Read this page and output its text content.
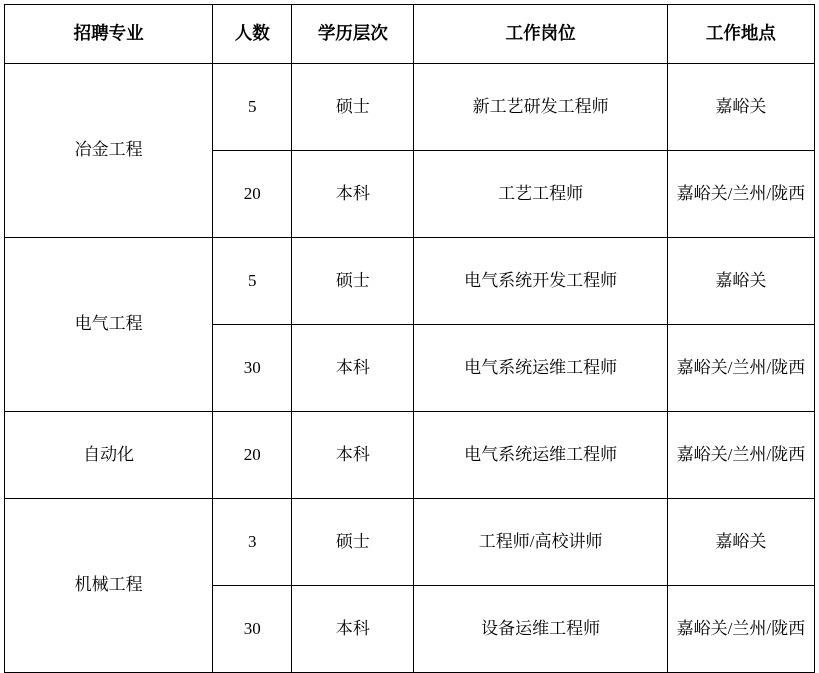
招聘专业	人数	学历层次	工作岗位	工作地点
冶金工程	5	硕士	新工艺研发工程师	嘉峪关
	20	本科	工艺工程师	嘉峪关/兰州/陇西
电气工程	5	硕士	电气系统开发工程师	嘉峪关
	30	本科	电气系统运维工程师	嘉峪关/兰州/陇西
自动化	20	本科	电气系统运维工程师	嘉峪关/兰州/陇西
机械工程	3	硕士	工程师/高校讲师	嘉峪关
	30	本科	设备运维工程师	嘉峪关/兰州/陇西
